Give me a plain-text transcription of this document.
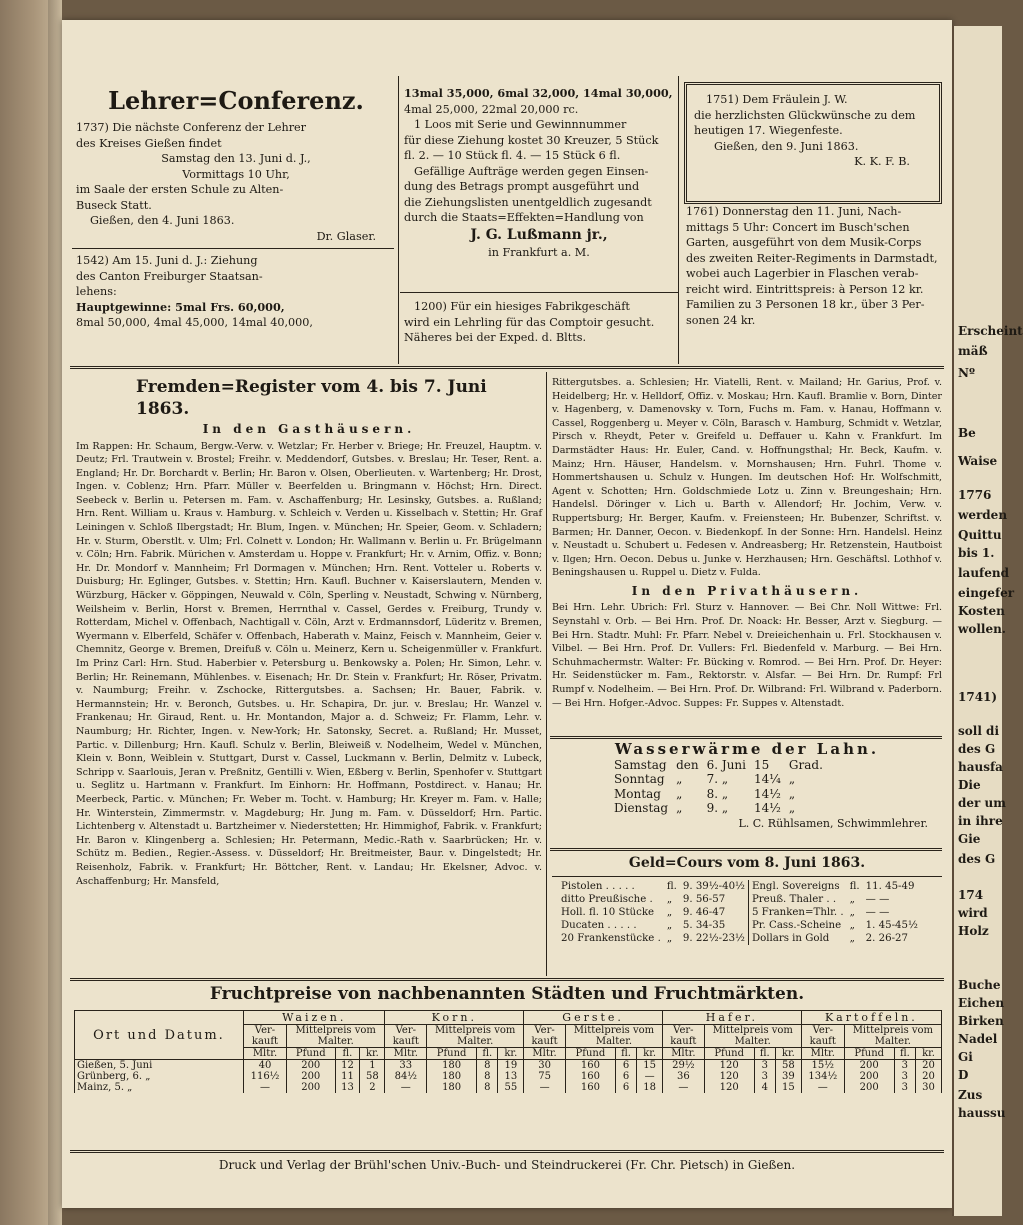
Lehrer=Conferenz.
1737) Die nächste Conferenz der Lehrer
des Kreises Gießen findet
Samstag den 13. Juni d. J.,
Vormittags 10 Uhr,
im Saale der ersten Schule zu Alten-
Buseck Statt.
Gießen, den 4. Juni 1863.
Dr. Glaser.
1542) Am 15. Juni d. J.: Ziehung
des Canton Freiburger Staatsan-
lehens:
Hauptgewinne: 5mal Frs. 60,000,
8mal 50,000, 4mal 45,000, 14mal 40,000,
13mal 35,000, 6mal 32,000, 14mal 30,000,
4mal 25,000, 22mal 20,000 rc.
1 Loos mit Serie und Gewinnnummer
für diese Ziehung kostet 30 Kreuzer, 5 Stück
fl. 2. — 10 Stück fl. 4. — 15 Stück 6 fl.
Gefällige Aufträge werden gegen Einsen-
dung des Betrags prompt ausgeführt und
die Ziehungslisten unentgeldlich zugesandt
durch die Staats=Effekten=Handlung von
J. G. Lußmann jr.,
in Frankfurt a. M.
1200) Für ein hiesiges Fabrikgeschäft
wird ein Lehrling für das Comptoir gesucht.
Näheres bei der Exped. d. Bltts.
1751) Dem Fräulein J. W.
die herzlichsten Glückwünsche zu dem
heutigen 17. Wiegenfeste.
Gießen, den 9. Juni 1863.
K. K. F. B.
1761) Donnerstag den 11. Juni, Nach-
mittags 5 Uhr: Concert im Busch'schen
Garten, ausgeführt von dem Musik-Corps
des zweiten Reiter-Regiments in Darmstadt,
wobei auch Lagerbier in Flaschen verab-
reicht wird. Eintrittspreis: à Person 12 kr.
Familien zu 3 Personen 18 kr., über 3 Per-
sonen 24 kr.
Fremden=Register vom 4. bis 7. Juni 1863.
In den Gasthäusern.

Im Rappen: Hr. Schaum, Bergw.-Verw. v. Wetzlar; Fr. Herber v. Briege; Hr. Freuzel, Hauptm. v. Deutz; Frl. Trautwein v. Brostel; Freihr. v. Meddendorf, Gutsbes. v. Breslau; Hr. Teser, Rent. a. England; Hr. Dr. Borchardt v. Berlin; Hr. Baron v. Olsen, Oberlieuten. v. Wartenberg; Hr. Drost, Ingen. v. Coblenz; Hrn. Pfarr. Müller v. Beerfelden u. Bringmann v. Höchst; Hrn. Direct. Seebeck v. Berlin u. Petersen m. Fam. v. Aschaffenburg; Hr. Lesinsky, Gutsbes. a. Rußland; Hrn. Rent. William u. Kraus v. Hamburg. v. Schleich v. Verden u. Kisselbach v. Stettin; Hr. Graf Leiningen v. Schloß Ilbergstadt; Hr. Blum, Ingen. v. München; Hr. Speier, Geom. v. Schladern; Hr. v. Sturm, Oberstlt. v. Ulm; Frl. Colnett v. London; Hr. Wallmann v. Berlin u. Fr. Brügelmann v. Cöln; Hrn. Fabrik. Mürichen v. Amsterdam u. Hoppe v. Frankfurt; Hr. v. Arnim, Offiz. v. Bonn; Hr. Dr. Mondorf v. Mannheim; Frl Dormagen v. München; Hrn. Rent. Votteler u. Roberts v. Duisburg; Hr. Eglinger, Gutsbes. v. Stettin; Hrn. Kaufl. Buchner v. Kaiserslautern, Menden v. Würzburg, Häcker v. Göppingen, Neuwald v. Cöln, Sperling v. Neustadt, Schwing v. Nürnberg, Weilsheim v. Berlin, Horst v. Bremen, Herrnthal v. Cassel, Gerdes v. Freiburg, Trundy v. Rotterdam, Michel v. Offenbach, Nachtigall v. Cöln, Arzt v. Erdmannsdorf, Lüderitz v. Bremen, Wyermann v. Elberfeld, Schäfer v. Offenbach, Haberath v. Mainz, Feisch v. Mannheim, Geier v. Chemnitz, George v. Bremen, Dreifuß v. Cöln u. Meinerz, Kern u. Scheigenmüller v. Frankfurt. Im Prinz Carl: Hrn. Stud. Haberbier v. Petersburg u. Benkowsky a. Polen; Hr. Simon, Lehr. v. Berlin; Hr. Reinemann, Mühlenbes. v. Eisenach; Hr. Dr. Stein v. Frankfurt; Hr. Röser, Privatm. v. Naumburg; Freihr. v. Zschocke, Rittergutsbes. a. Sachsen; Hr. Bauer, Fabrik. v. Hermannstein; Hr. v. Beronch, Gutsbes. u. Hr. Schapira, Dr. jur. v. Breslau; Hr. Wanzel v. Frankenau; Hr. Giraud, Rent. u. Hr. Montandon, Major a. d. Schweiz; Fr. Flamm, Lehr. v. Naumburg; Hr. Richter, Ingen. v. New-York; Hr. Satonsky, Secret. a. Rußland; Hr. Musset, Partic. v. Dillenburg; Hrn. Kaufl. Schulz v. Berlin, Bleiweiß v. Nodelheim, Wedel v. München, Klein v. Bonn, Weiblein v. Stuttgart, Durst v. Cassel, Luckmann v. Berlin, Delmitz v. Lubeck, Schripp v. Saarlouis, Jeran v. Preßnitz, Gentilli v. Wien, Eßberg v. Berlin, Spenhofer v. Stuttgart u. Seglitz u. Hartmann v. Frankfurt. Im Einhorn: Hr. Hoffmann, Postdirect. v. Hanau; Hr. Meerbeck, Partic. v. München; Fr. Weber m. Tocht. v. Hamburg; Hr. Kreyer m. Fam. v. Halle; Hr. Winterstein, Zimmermstr. v. Magdeburg; Hr. Jung m. Fam. v. Düsseldorf; Hrn. Partic. Lichtenberg v. Altenstadt u. Bartzheimer v. Niederstetten; Hr. Himmighof, Fabrik. v. Frankfurt; Hr. Baron v. Klingenberg a. Schlesien; Hr. Petermann, Medic.-Rath v. Saarbrücken; Hr. v. Schütz m. Bedien., Regier.-Assess. v. Düsseldorf; Hr. Breitmeister, Baur. v. Dingelstedt; Hr. Reisenholz, Fabrik. v. Frankfurt; Hr. Böttcher, Rent. v. Landau; Hr. Ekelsner, Advoc. v. Aschaffenburg; Hr. Mansfeld,

Rittergutsbes. a. Schlesien; Hr. Viatelli, Rent. v. Mailand; Hr. Garius, Prof. v. Heidelberg; Hr. v. Helldorf, Offiz. v. Moskau; Hrn. Kaufl. Bramlie v. Born, Dinter v. Hagenberg, v. Damenovsky v. Torn, Fuchs m. Fam. v. Hanau, Hoffmann v. Cassel, Roggenberg u. Meyer v. Cöln, Barasch v. Hamburg, Schmidt v. Wetzlar, Pirsch v. Rheydt, Peter v. Greifeld u. Deffauer u. Kahn v. Frankfurt. Im Darmstädter Haus: Hr. Euler, Cand. v. Hoffnungsthal; Hr. Beck, Kaufm. v. Mainz; Hrn. Häuser, Handelsm. v. Mornshausen; Hrn. Fuhrl. Thome v. Hommertshausen u. Schulz v. Hungen. Im deutschen Hof: Hr. Wolfschmitt, Agent v. Schotten; Hrn. Goldschmiede Lotz u. Zinn v. Breungeshain; Hrn. Handelsl. Döringer v. Lich u. Barth v. Allendorf; Hr. Jochim, Verw. v. Ruppertsburg; Hr. Berger, Kaufm. v. Freiensteen; Hr. Bubenzer, Schriftst. v. Barmen; Hr. Danner, Oecon. v. Biedenkopf. In der Sonne: Hrn. Handelsl. Heinz v. Neustadt u. Schubert u. Fedesen v. Andreasberg; Hr. Retzenstein, Hautboist v. Ilgen; Hrn. Oecon. Debus u. Junke v. Herzhausen; Hrn. Geschäftsl. Lothhof v. Beningshausen u. Ruppel u. Dietz v. Fulda.

In den Privathäusern.

Bei Hrn. Lehr. Ubrich: Frl. Sturz v. Hannover. — Bei Chr. Noll Wittwe: Frl. Seynstahl v. Orb. — Bei Hrn. Prof. Dr. Noack: Hr. Besser, Arzt v. Siegburg. — Bei Hrn. Stadtr. Muhl: Fr. Pfarr. Nebel v. Dreieichenhain u. Frl. Stockhausen v. Vilbel. — Bei Hrn. Prof. Dr. Vullers: Frl. Biedenfeld v. Marburg. — Bei Hrn. Schuhmachermstr. Walter: Fr. Bücking v. Romrod. — Bei Hrn. Prof. Dr. Heyer: Hr. Seidenstücker m. Fam., Rektorstr. v. Alsfar. — Bei Hrn. Dr. Rumpf: Frl Rumpf v. Nodelheim. — Bei Hrn. Prof. Dr. Wilbrand: Frl. Wilbrand v. Paderborn. — Bei Hrn. Hofger.-Advoc. Suppes: Fr. Suppes v. Altenstadt.

Wasserwärme der Lahn.
Samstag	den	6. Juni	15	Grad.
Sonntag	„	7. „	14¼	„
Montag	„	8. „	14½	„
Dienstag	„	9. „	14½	„
L. C. Rühlsamen, Schwimmlehrer.
Geld=Cours vom 8. Juni 1863.
Pistolen . . . . .	fl.	9. 39½-40½	Engl. Sovereigns	fl.	11. 45-49
ditto Preußische .	„	9. 56-57	Preuß. Thaler . .	„	— —
Holl. fl. 10 Stücke	„	9. 46-47	5 Franken=Thlr. .	„	— —
Ducaten . . . . .	„	5. 34-35	Pr. Cass.-Scheine	„	1. 45-45½
20 Frankenstücke .	„	9. 22½-23½	Dollars in Gold	„	2. 26-27
Fruchtpreise von nachbenannten Städten und Fruchtmärkten.
Ort und Datum.	Waizen.				Korn.				Gerste.				Hafer.				Kartoffeln.			
	Ver-kauft	Mittelpreis vom Malter.			Ver-kauft	Mittelpreis vom Malter.			Ver-kauft	Mittelpreis vom Malter.			Ver-kauft	Mittelpreis vom Malter.			Ver-kauft	Mittelpreis vom Malter.		
	Mltr.	Pfund	fl.	kr.	Mltr.	Pfund	fl.	kr.	Mltr.	Pfund	fl.	kr.	Mltr.	Pfund	fl.	kr.	Mltr.	Pfund	fl.	kr.
Gießen, 5. Juni	40	200	12	1	33	180	8	19	30	160	6	15	29½	120	3	58	15½	200	3	20
Grünberg, 6. „	116½	200	11	58	84½	180	8	13	75	160	6	—	36	120	3	39	134½	200	3	20
Mainz, 5. „	—	200	13	2	—	180	8	55	—	160	6	18	—	120	4	15	—	200	3	30
Druck und Verlag der Brühl'schen Univ.-Buch- und Steindruckerei (Fr. Chr. Pietsch) in Gießen.
Erscheint
mäß
Nº
Be
Waise
1776
werden
Quittu
bis 1.
laufend
eingefer
Kosten
wollen.
1741)
soll di
des G
hausfa
Die
der um
in ihre
Gie
des G
174
wird
Holz
Buche
Eichen
Birken
Nadel
Gi
D
Zus
haussu
